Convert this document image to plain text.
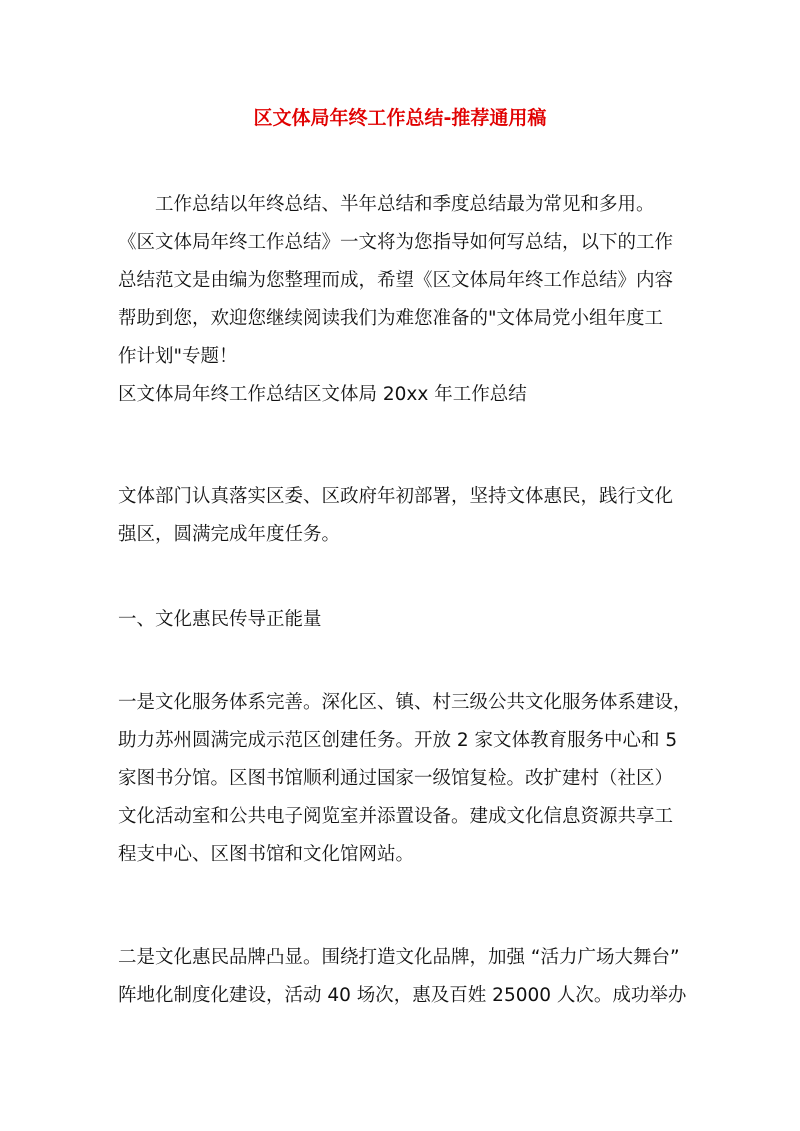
区文体局年终工作总结-推荐通用稿
工作总结以年终总结、半年总结和季度总结最为常见和多用。
《区文体局年终工作总结》一文将为您指导如何写总结，以下的工作
总结范文是由编为您整理而成，希望《区文体局年终工作总结》内容
帮助到您，欢迎您继续阅读我们为难您准备的"文体局党小组年度工
作计划"专题！
区文体局年终工作总结区文体局 20xx 年工作总结
文体部门认真落实区委、区政府年初部署，坚持文体惠民，践行文化
强区，圆满完成年度任务。
一、文化惠民传导正能量
一是文化服务体系完善。深化区、镇、村三级公共文化服务体系建设，
助力苏州圆满完成示范区创建任务。开放 2 家文体教育服务中心和 5
家图书分馆。区图书馆顺利通过国家一级馆复检。改扩建村（社区）
文化活动室和公共电子阅览室并添置设备。建成文化信息资源共享工
程支中心、区图书馆和文化馆网站。
二是文化惠民品牌凸显。围绕打造文化品牌，加强 “活力广场大舞台”
阵地化制度化建设，活动 40 场次，惠及百姓 25000 人次。成功举办
